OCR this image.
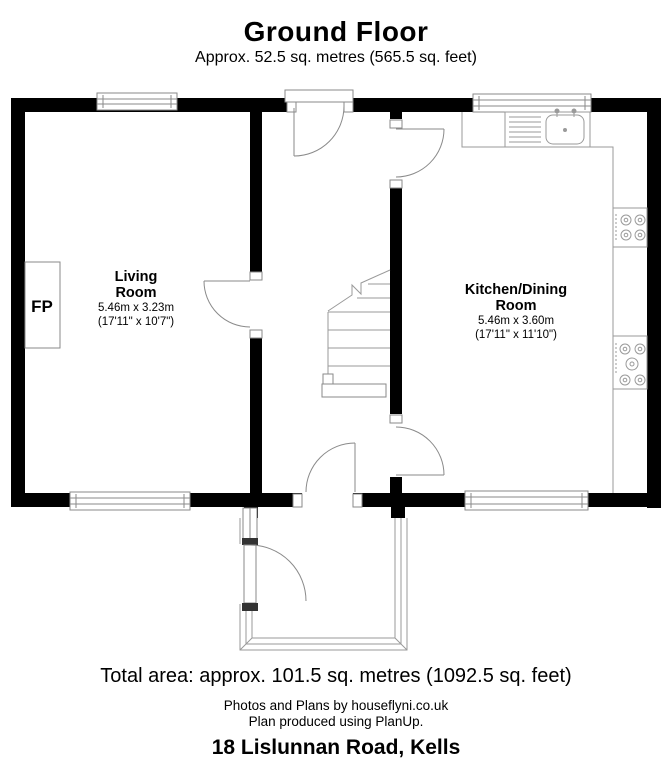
Ground Floor
Approx. 52.5 sq. metres (565.5 sq. feet)
FP
Living
Room
5.46m x 3.23m
(17'11" x 10'7")
Kitchen/Dining
Room
5.46m x 3.60m
(17'11" x 11'10")
Total area: approx. 101.5 sq. metres (1092.5 sq. feet)
Photos and Plans by houseflyni.co.uk
Plan produced using PlanUp.
18 Lislunnan Road, Kells
